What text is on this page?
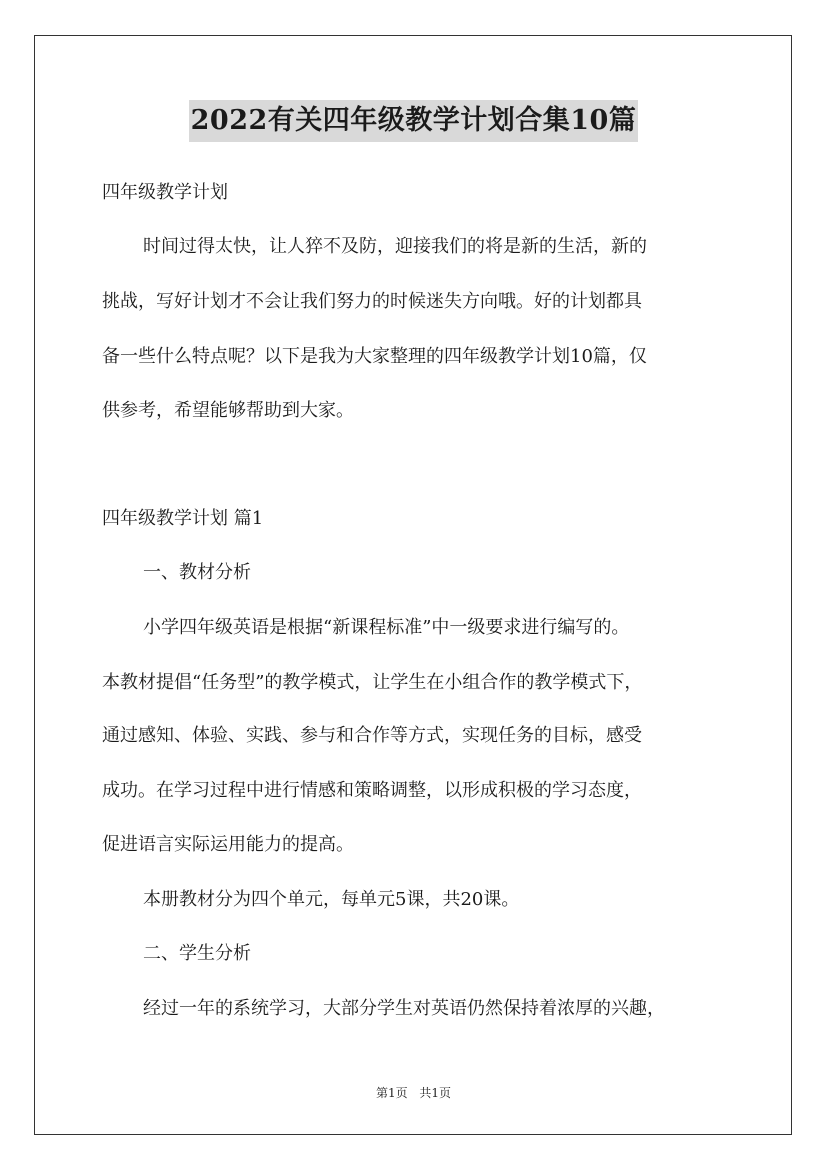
2022有关四年级教学计划合集10篇
四年级教学计划
时间过得太快，让人猝不及防，迎接我们的将是新的生活，新的
挑战，写好计划才不会让我们努力的时候迷失方向哦。好的计划都具
备一些什么特点呢？以下是我为大家整理的四年级教学计划10篇，仅
供参考，希望能够帮助到大家。
四年级教学计划 篇1
一、教材分析
小学四年级英语是根据“新课程标准”中一级要求进行编写的。
本教材提倡“任务型”的教学模式，让学生在小组合作的教学模式下，
通过感知、体验、实践、参与和合作等方式，实现任务的目标，感受
成功。在学习过程中进行情感和策略调整，以形成积极的学习态度，
促进语言实际运用能力的提高。
本册教材分为四个单元，每单元5课，共20课。
二、学生分析
经过一年的系统学习，大部分学生对英语仍然保持着浓厚的兴趣，
第1页 共1页
